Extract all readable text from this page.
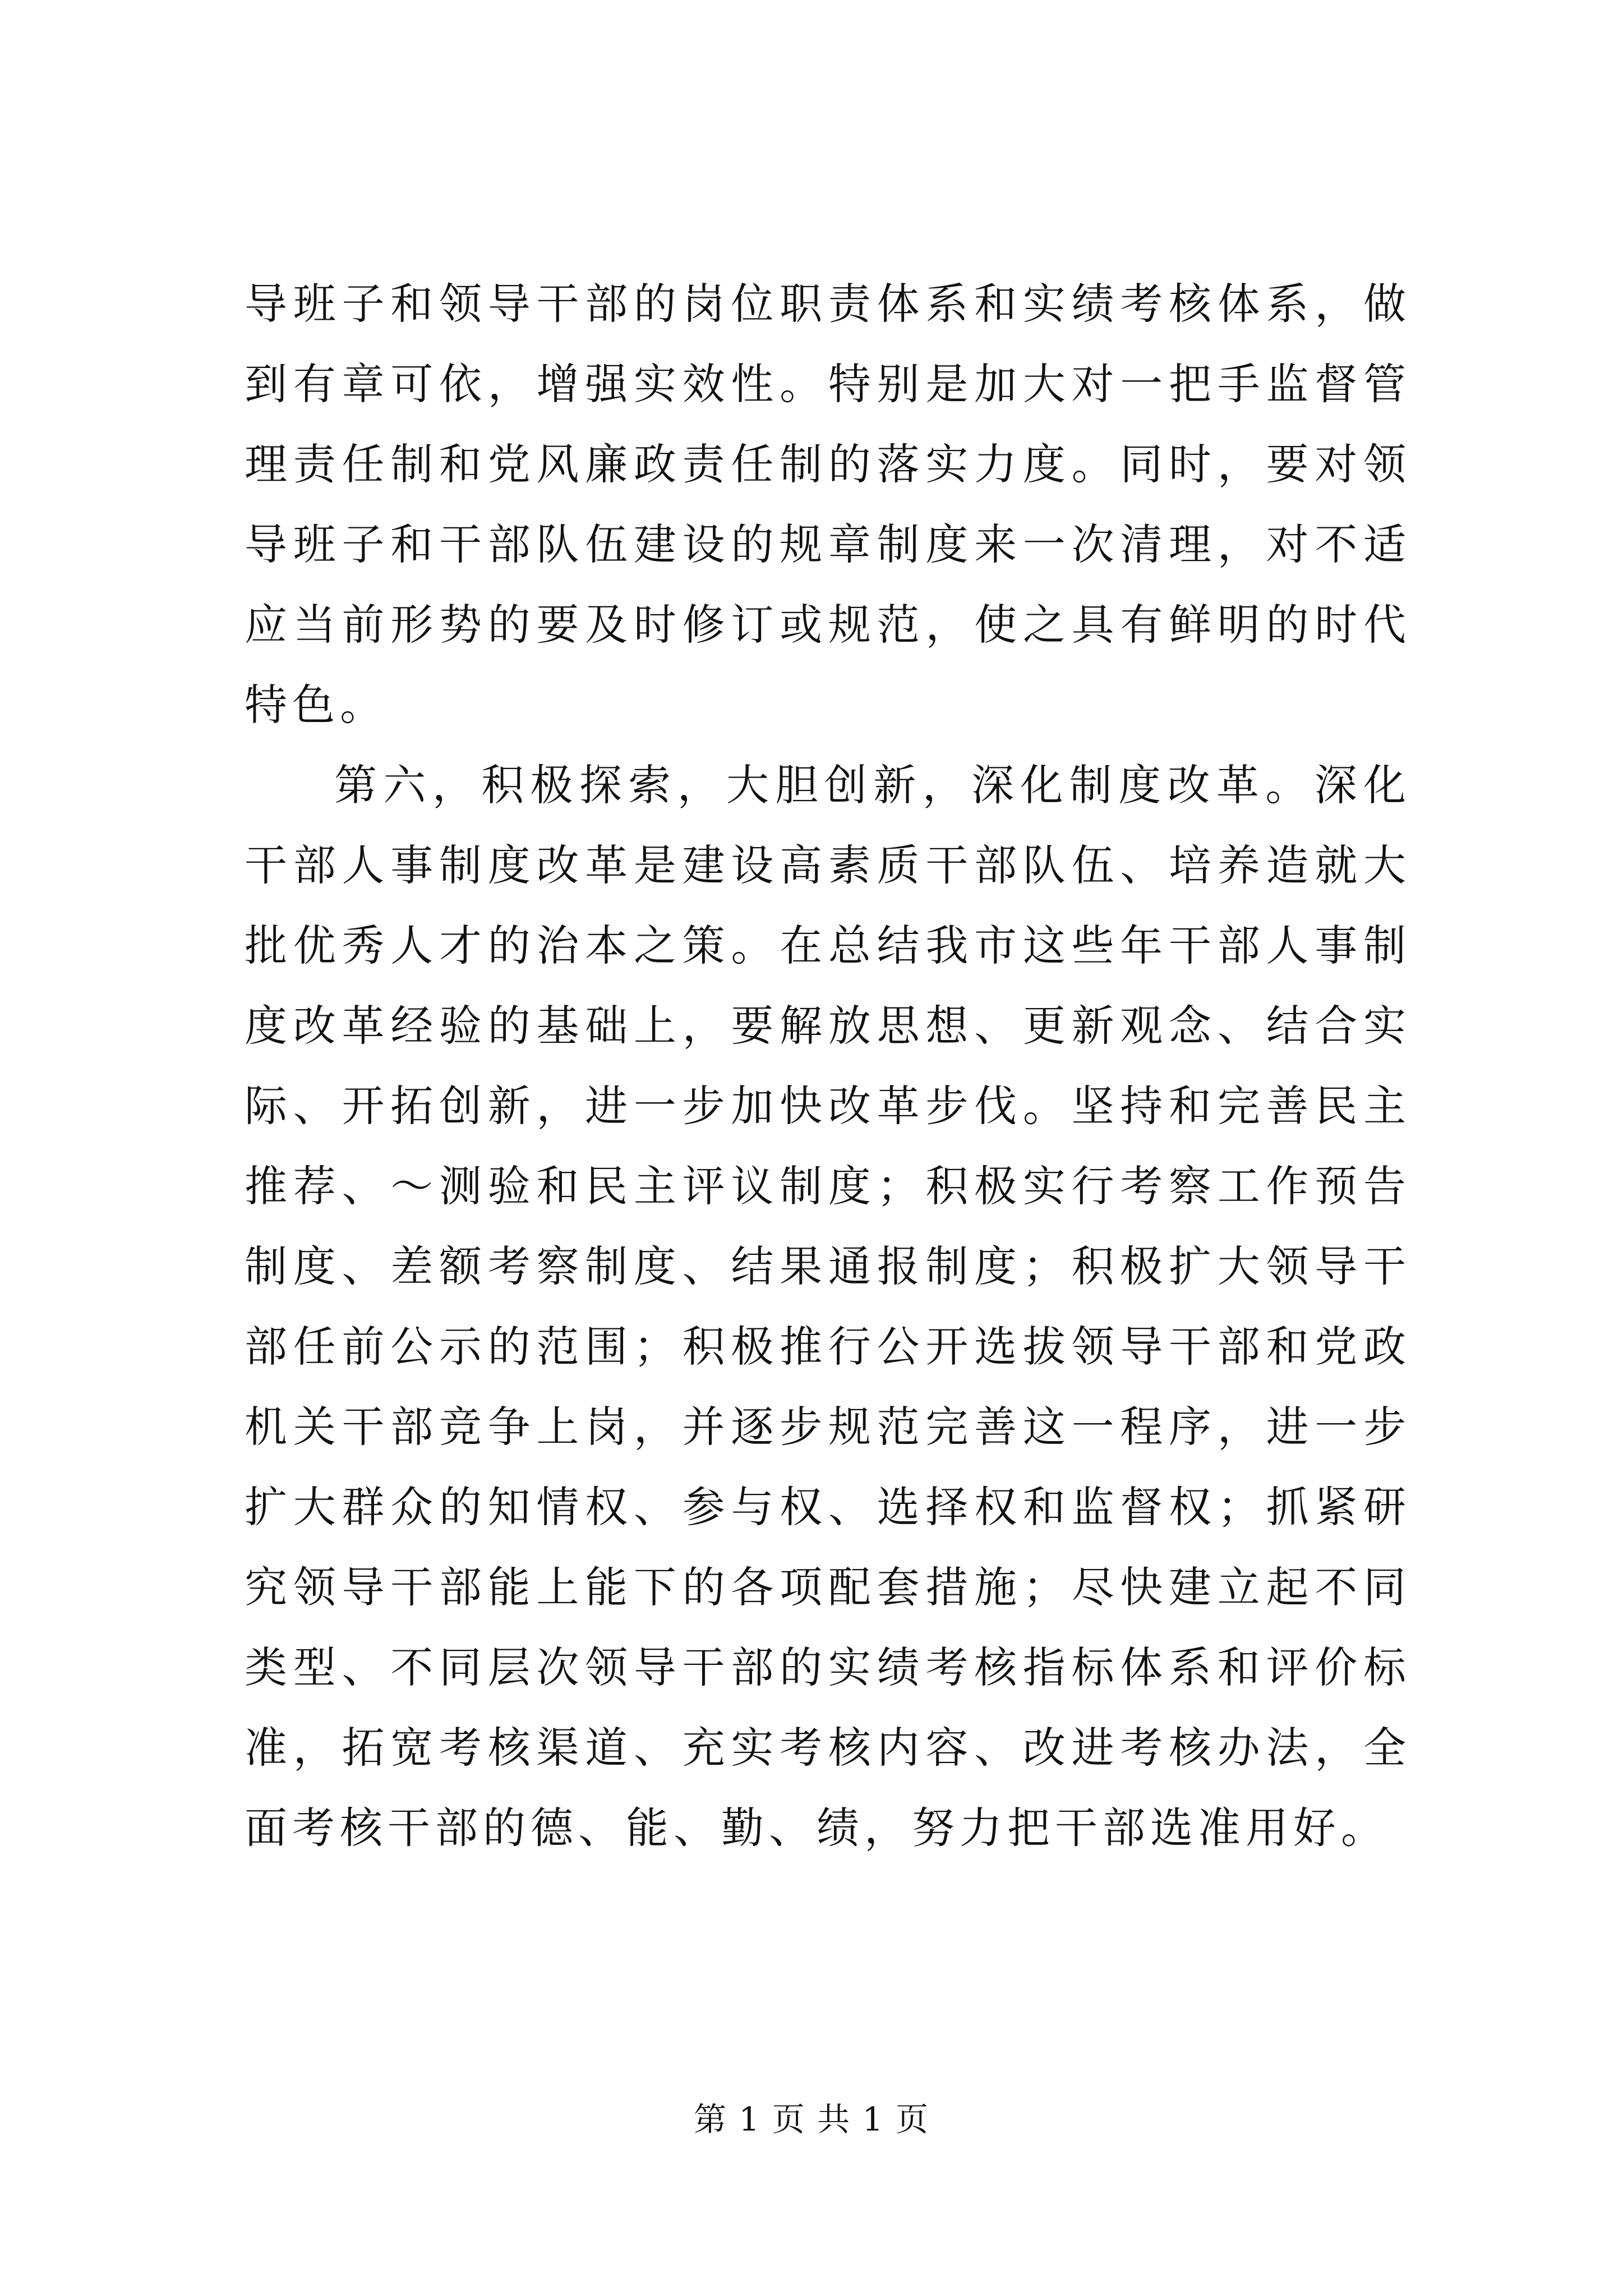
导班子和领导干部的岗位职责体系和实绩考核体系，做到有章可依，增强实效性。特别是加大对一把手监督管理责任制和党风廉政责任制的落实力度。同时，要对领导班子和干部队伍建设的规章制度来一次清理，对不适应当前形势的要及时修订或规范，使之具有鲜明的时代特色。

第六，积极探索，大胆创新，深化制度改革。深化干部人事制度改革是建设高素质干部队伍、培养造就大批优秀人才的治本之策。在总结我市这些年干部人事制度改革经验的基础上，要解放思想、更新观念、结合实际、开拓创新，进一步加快改革步伐。坚持和完善民主推荐、～测验和民主评议制度；积极实行考察工作预告制度、差额考察制度、结果通报制度；积极扩大领导干部任前公示的范围；积极推行公开选拔领导干部和党政机关干部竞争上岗，并逐步规范完善这一程序，进一步扩大群众的知情权、参与权、选择权和监督权；抓紧研究领导干部能上能下的各项配套措施；尽快建立起不同类型、不同层次领导干部的实绩考核指标体系和评价标准，拓宽考核渠道、充实考核内容、改进考核办法，全面考核干部的德、能、勤、绩，努力把干部选准用好。

第 1 页 共 1 页
